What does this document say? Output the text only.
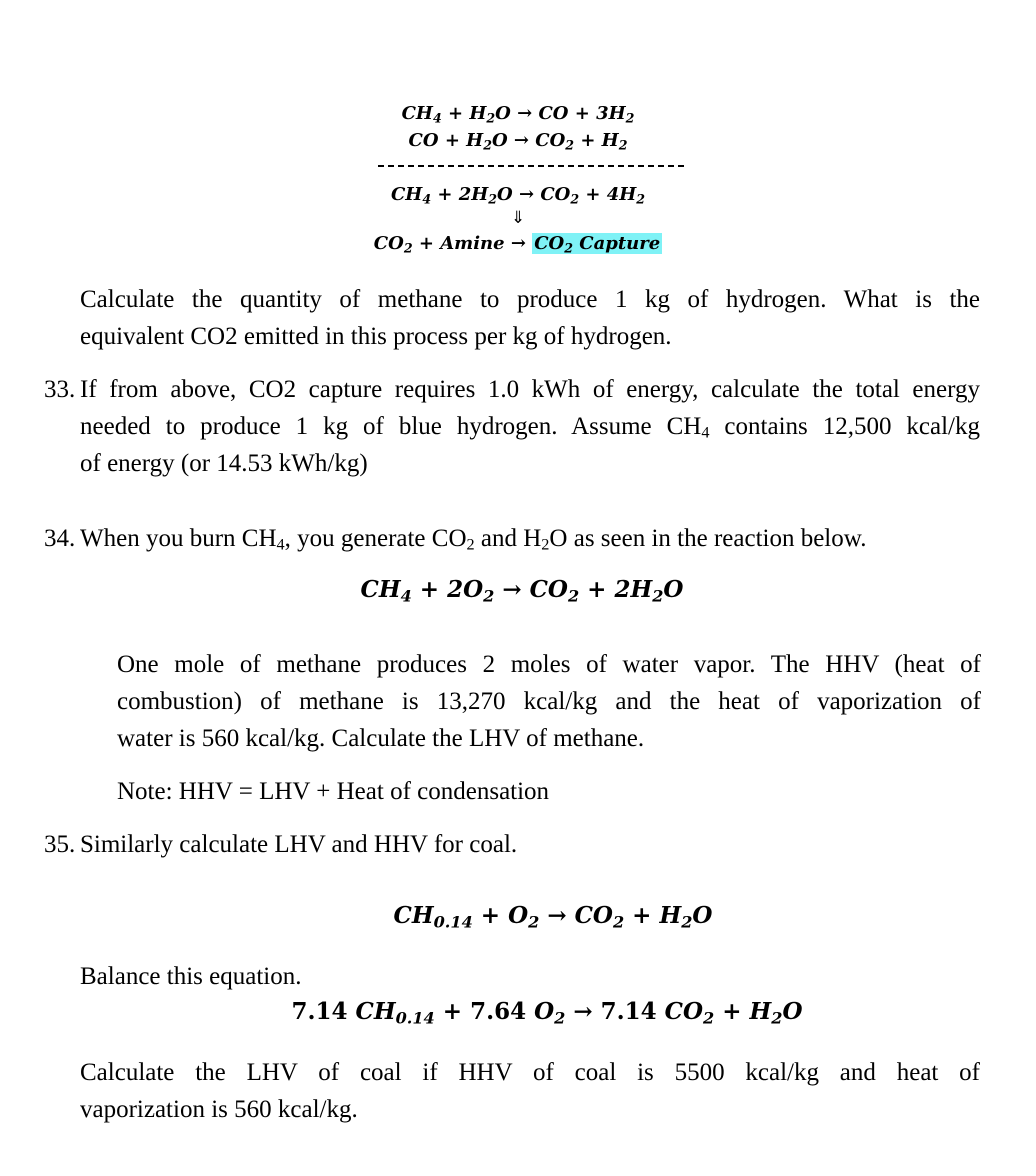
$CH_4 + H_2O$ → CO + $3H_2$
CO + $H_2O \to CO_2 + H_2$
$CH_4 + 2H_2O \to CO_2 + 4H_2$
⇓
$CO_2 + Amine \to CO_2$ Capture
Calculate the quantity of methane to produce 1 kg of hydrogen. What is the
equivalent CO2 emitted in this process per kg of hydrogen.
33. If from above, CO2 capture requires 1.0 kWh of energy, calculate the total energy
needed to produce 1 kg of blue hydrogen. Assume $CH_4$ contains 12,500 kcal/kg
of energy (or 14.53 kWh/kg)
34. When you burn $CH_4$, you generate $CO_2$ and $H_2O$ as seen in the reaction below.
$CH_4 + 2O_2 \to CO_2 + 2H_2O$
One mole of methane produces 2 moles of water vapor. The HHV (heat of
combustion) of methane is 13,270 kcal/kg and the heat of vaporization of
water is 560 kcal/kg. Calculate the LHV of methane.
Note: HHV = LHV + Heat of condensation
35. Similarly calculate LHV and HHV for coal.
$CH_{0.14} + O_2 \to CO_2 + H_2O$
Balance this equation.
7.14 $CH_{0.14} + 7.64$ $O_2 \to 7.14$ $CO_2 + H_2O$
Calculate the LHV of coal if HHV of coal is 5500 kcal/kg and heat of
vaporization is 560 kcal/kg.
